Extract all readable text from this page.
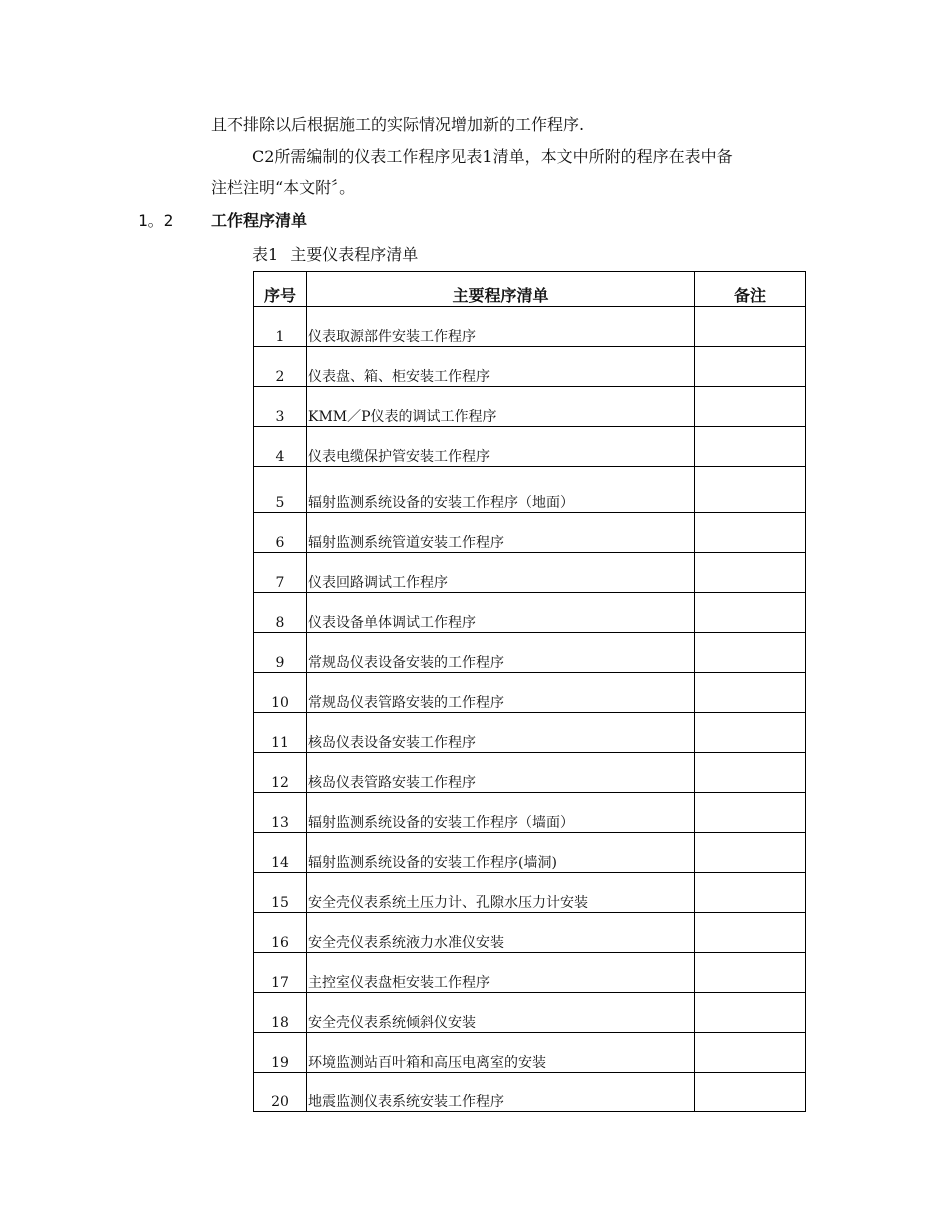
且不排除以后根据施工的实际情况增加新的工作程序.
C2所需编制的仪表工作程序见表1清单，本文中所附的程序在表中备
注栏注明“本文附〞。
1。2 工作程序清单
表1 主要仪表程序清单
序号	主要程序清单	备注
1	仪表取源部件安装工作程序	
2	仪表盘、箱、柜安装工作程序	
3	KMM／P仪表的调试工作程序	
4	仪表电缆保护管安装工作程序	
5	辐射监测系统设备的安装工作程序（地面）	
6	辐射监测系统管道安装工作程序	
7	仪表回路调试工作程序	
8	仪表设备单体调试工作程序	
9	常规岛仪表设备安装的工作程序	
10	常规岛仪表管路安装的工作程序	
11	核岛仪表设备安装工作程序	
12	核岛仪表管路安装工作程序	
13	辐射监测系统设备的安装工作程序（墙面）	
14	辐射监测系统设备的安装工作程序(墙洞)	
15	安全壳仪表系统土压力计、孔隙水压力计安装	
16	安全壳仪表系统液力水准仪安装	
17	主控室仪表盘柜安装工作程序	
18	安全壳仪表系统倾斜仪安装	
19	环境监测站百叶箱和高压电离室的安装	
20	地震监测仪表系统安装工作程序	
